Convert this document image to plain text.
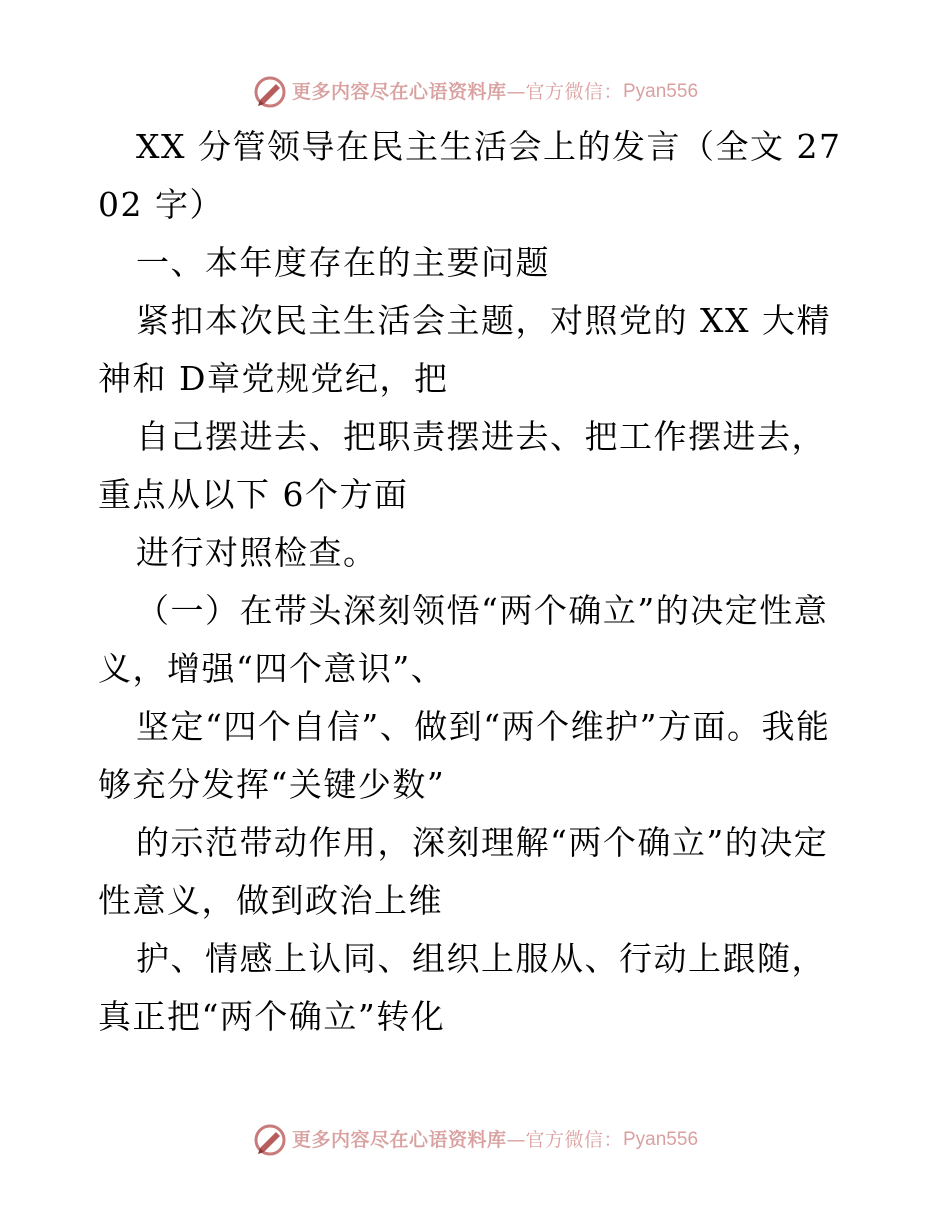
更多内容尽在心语资料库 — 官方微信： Pyan556

XX 分管领导在民主生活会上的发言（全文 2702 字）

一、本年度存在的主要问题

紧扣本次民主生活会主题，对照党的 XX 大精神和 D章党规党纪，把

自己摆进去、把职责摆进去、把工作摆进去，重点从以下 6个方面

进行对照检查。

（一）在带头深刻领悟“两个确立”的决定性意义，增强“四个意识”、

坚定“四个自信”、做到“两个维护”方面。我能够充分发挥“关键少数”

的示范带动作用，深刻理解“两个确立”的决定性意义，做到政治上维

护、情感上认同、组织上服从、行动上跟随，真正把“两个确立”转化

更多内容尽在心语资料库 — 官方微信： Pyan556
